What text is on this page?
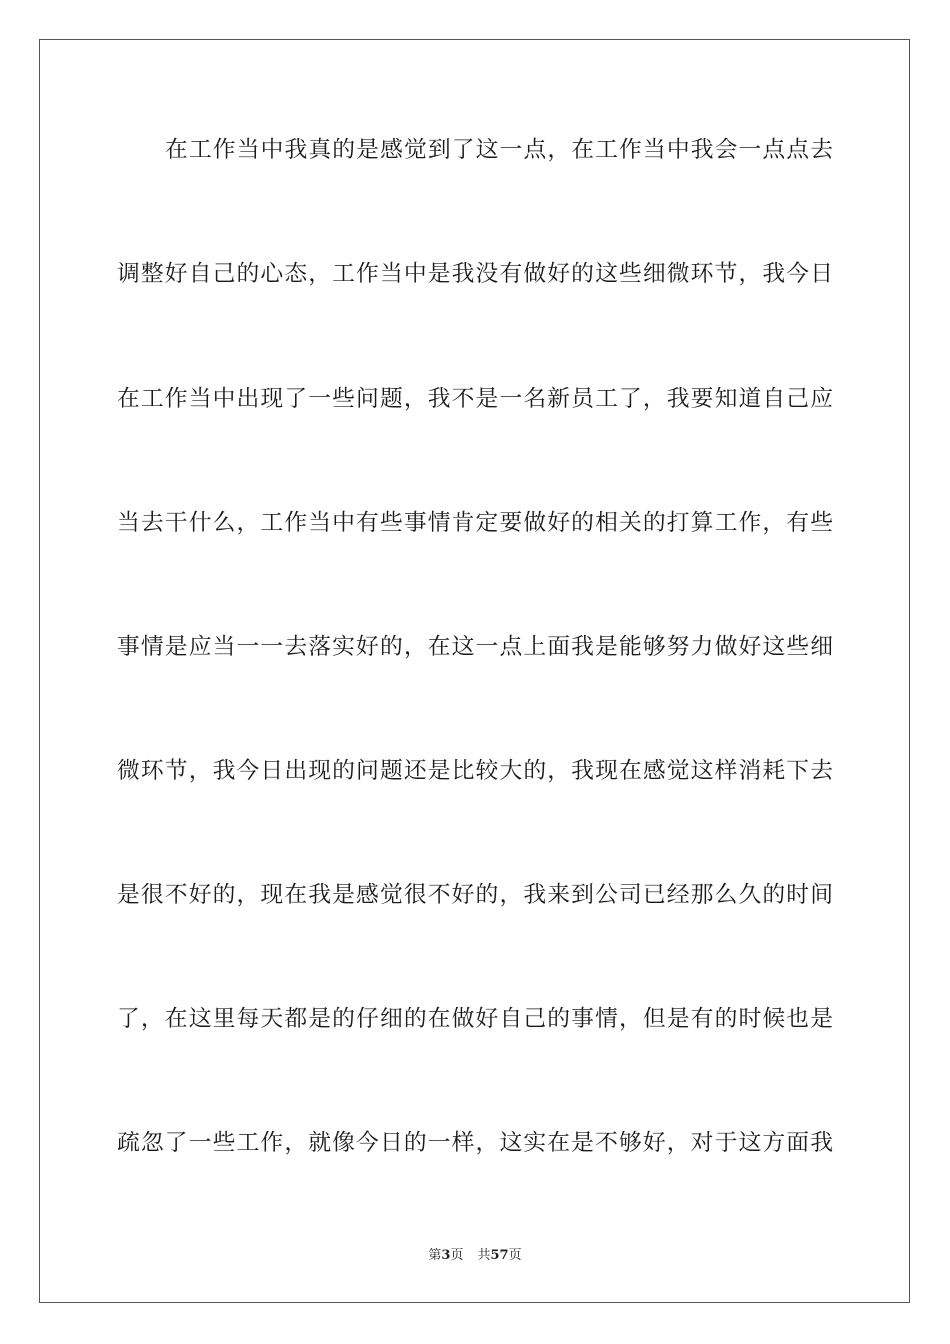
在工作当中我真的是感觉到了这一点，在工作当中我会一点点去
调整好自己的心态，工作当中是我没有做好的这些细微环节，我今日
在工作当中出现了一些问题，我不是一名新员工了，我要知道自己应
当去干什么，工作当中有些事情肯定要做好的相关的打算工作，有些
事情是应当一一去落实好的，在这一点上面我是能够努力做好这些细
微环节，我今日出现的问题还是比较大的，我现在感觉这样消耗下去
是很不好的，现在我是感觉很不好的，我来到公司已经那么久的时间
了，在这里每天都是的仔细的在做好自己的事情，但是有的时候也是
疏忽了一些工作，就像今日的一样，这实在是不够好，对于这方面我
第3页 共57页
